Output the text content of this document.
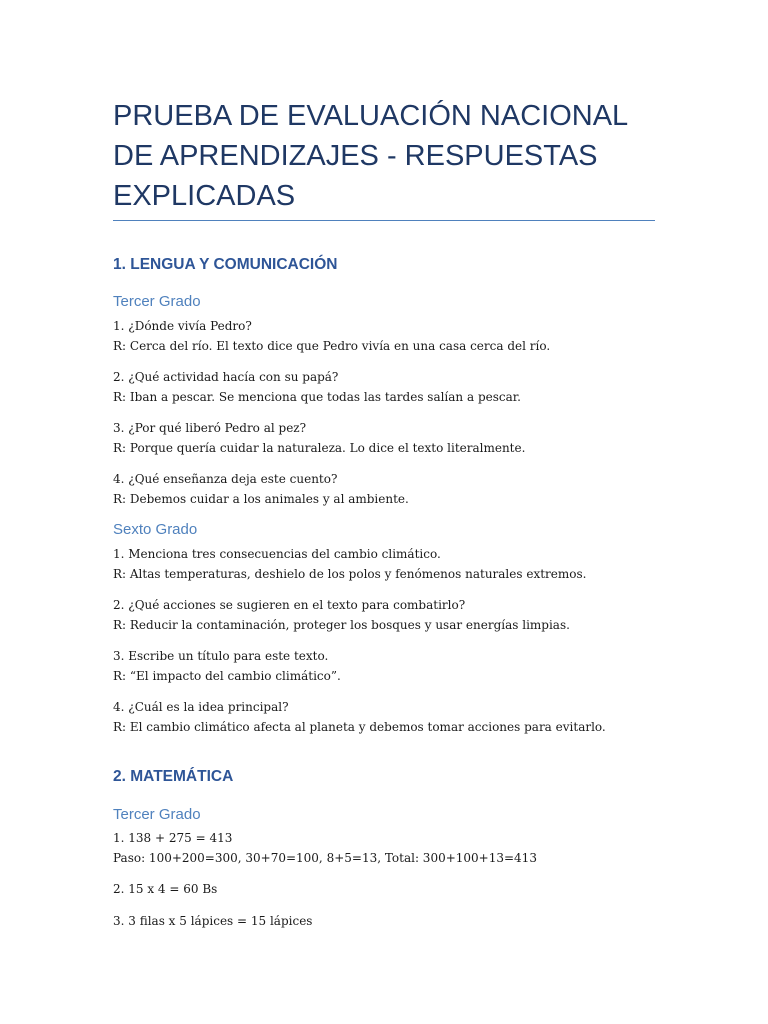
PRUEBA DE EVALUACIÓN NACIONAL DE APRENDIZAJES - RESPUESTAS EXPLICADAS
1. LENGUA Y COMUNICACIÓN
Tercer Grado
1. ¿Dónde vivía Pedro?
R: Cerca del río. El texto dice que Pedro vivía en una casa cerca del río.
2. ¿Qué actividad hacía con su papá?
R: Iban a pescar. Se menciona que todas las tardes salían a pescar.
3. ¿Por qué liberó Pedro al pez?
R: Porque quería cuidar la naturaleza. Lo dice el texto literalmente.
4. ¿Qué enseñanza deja este cuento?
R: Debemos cuidar a los animales y al ambiente.
Sexto Grado
1. Menciona tres consecuencias del cambio climático.
R: Altas temperaturas, deshielo de los polos y fenómenos naturales extremos.
2. ¿Qué acciones se sugieren en el texto para combatirlo?
R: Reducir la contaminación, proteger los bosques y usar energías limpias.
3. Escribe un título para este texto.
R: “El impacto del cambio climático”.
4. ¿Cuál es la idea principal?
R: El cambio climático afecta al planeta y debemos tomar acciones para evitarlo.
2. MATEMÁTICA
Tercer Grado
1. 138 + 275 = 413
Paso: 100+200=300, 30+70=100, 8+5=13, Total: 300+100+13=413
2. 15 x 4 = 60 Bs
3. 3 filas x 5 lápices = 15 lápices
